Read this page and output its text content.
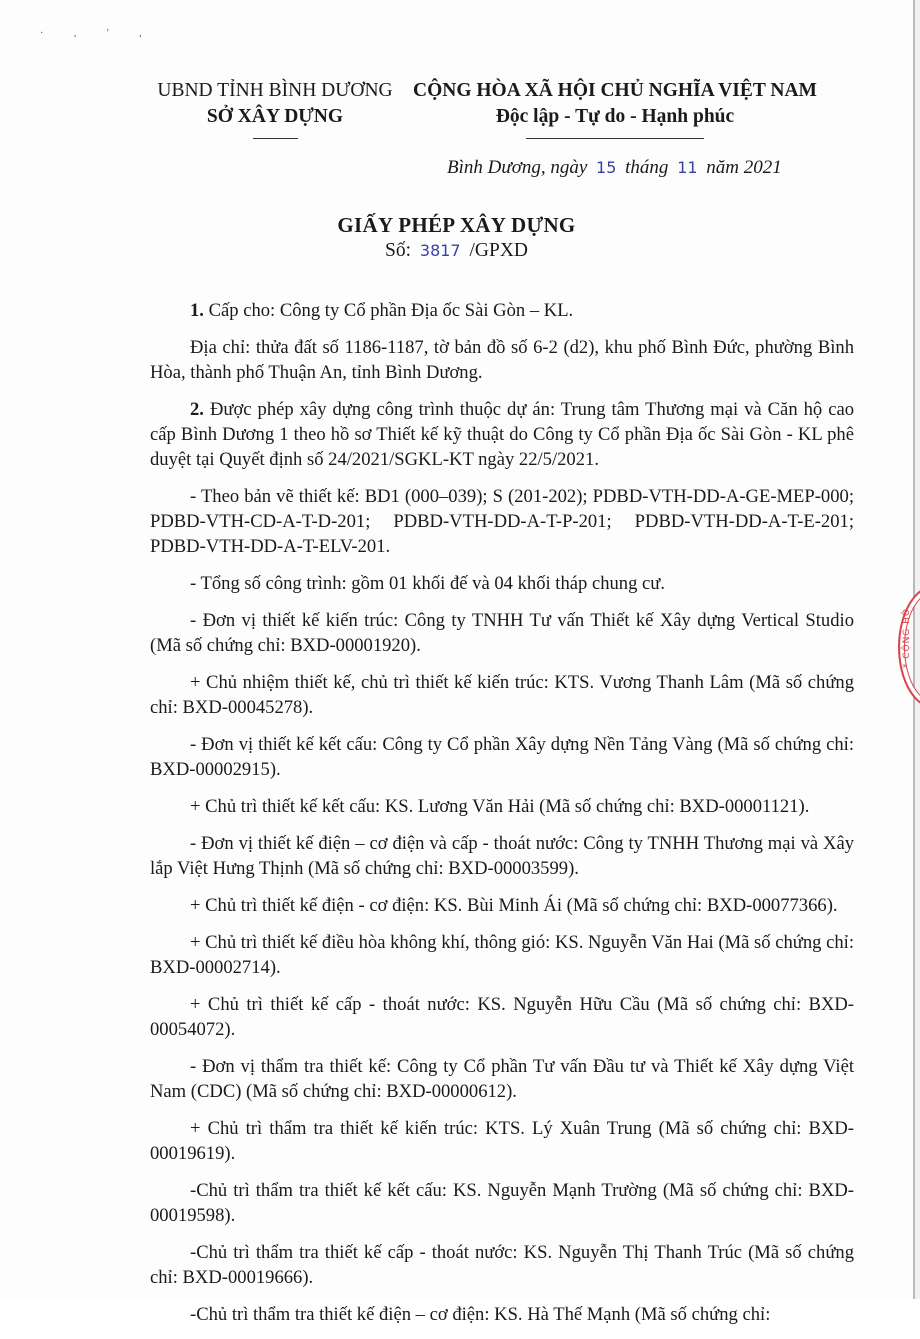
· , ' ,
UBND TỈNH BÌNH DƯƠNG
SỞ XÂY DỰNG
CỘNG HÒA XÃ HỘI CHỦ NGHĨA VIỆT NAM
Độc lập - Tự do - Hạnh phúc
Bình Dương, ngày 15 tháng 11 năm 2021
GIẤY PHÉP XÂY DỰNG
Số: 3817 /GPXD

1. Cấp cho: Công ty Cổ phần Địa ốc Sài Gòn – KL.

Địa chỉ: thửa đất số 1186-1187, tờ bản đồ số 6-2 (d2), khu phố Bình Đức, phường Bình Hòa, thành phố Thuận An, tỉnh Bình Dương.

2. Được phép xây dựng công trình thuộc dự án: Trung tâm Thương mại và Căn hộ cao cấp Bình Dương 1 theo hồ sơ Thiết kế kỹ thuật do Công ty Cổ phần Địa ốc Sài Gòn - KL phê duyệt tại Quyết định số 24/2021/SGKL-KT ngày 22/5/2021.

- Theo bản vẽ thiết kế: BD1 (000–039); S (201-202); PDBD-VTH-DD-A-GE-MEP-000; PDBD-VTH-CD-A-T-D-201; PDBD-VTH-DD-A-T-P-201; PDBD-VTH-DD-A-T-E-201; PDBD-VTH-DD-A-T-ELV-201.

- Tổng số công trình: gồm 01 khối đế và 04 khối tháp chung cư.

- Đơn vị thiết kế kiến trúc: Công ty TNHH Tư vấn Thiết kế Xây dựng Vertical Studio (Mã số chứng chỉ: BXD-00001920).

+ Chủ nhiệm thiết kế, chủ trì thiết kế kiến trúc: KTS. Vương Thanh Lâm (Mã số chứng chỉ: BXD-00045278).

- Đơn vị thiết kế kết cấu: Công ty Cổ phần Xây dựng Nền Tảng Vàng (Mã số chứng chỉ: BXD-00002915).

+ Chủ trì thiết kế kết cấu: KS. Lương Văn Hải (Mã số chứng chỉ: BXD-00001121).

- Đơn vị thiết kế điện – cơ điện và cấp - thoát nước: Công ty TNHH Thương mại và Xây lắp Việt Hưng Thịnh (Mã số chứng chỉ: BXD-00003599).

+ Chủ trì thiết kế điện - cơ điện: KS. Bùi Minh Ái (Mã số chứng chỉ: BXD-00077366).

+ Chủ trì thiết kế điều hòa không khí, thông gió: KS. Nguyễn Văn Hai (Mã số chứng chỉ: BXD-00002714).

+ Chủ trì thiết kế cấp - thoát nước: KS. Nguyễn Hữu Cầu (Mã số chứng chỉ: BXD-00054072).

- Đơn vị thẩm tra thiết kế: Công ty Cổ phần Tư vấn Đầu tư và Thiết kế Xây dựng Việt Nam (CDC) (Mã số chứng chỉ: BXD-00000612).

+ Chủ trì thẩm tra thiết kế kiến trúc: KTS. Lý Xuân Trung (Mã số chứng chỉ: BXD-00019619).

-Chủ trì thẩm tra thiết kế kết cấu: KS. Nguyễn Mạnh Trường (Mã số chứng chỉ: BXD-00019598).

-Chủ trì thẩm tra thiết kế cấp - thoát nước: KS. Nguyễn Thị Thanh Trúc (Mã số chứng chỉ: BXD-00019666).

-Chủ trì thẩm tra thiết kế điện – cơ điện: KS. Hà Thế Mạnh (Mã số chứng chỉ:

* CỘNG HÒ
